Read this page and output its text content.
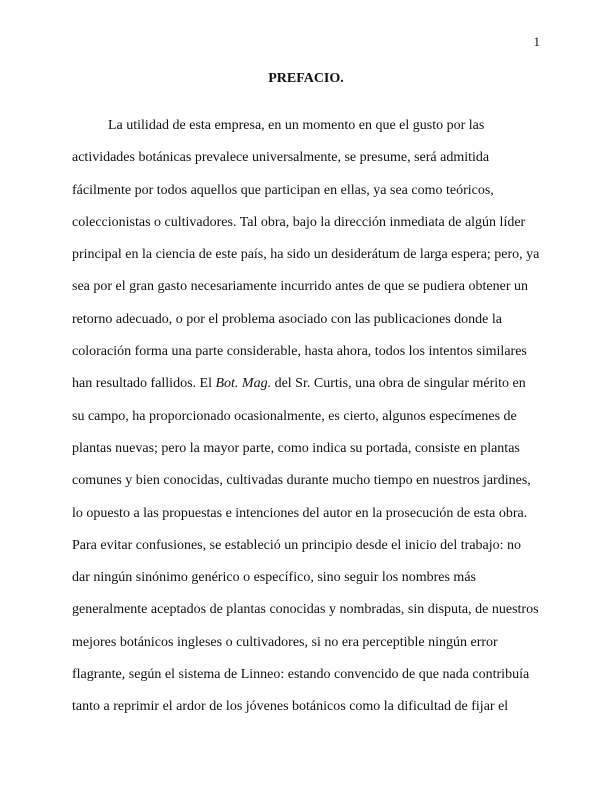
1
PREFACIO.
La utilidad de esta empresa, en un momento en que el gusto por las
actividades botánicas prevalece universalmente, se presume, será admitida
fácilmente por todos aquellos que participan en ellas, ya sea como teóricos,
coleccionistas o cultivadores. Tal obra, bajo la dirección inmediata de algún líder
principal en la ciencia de este país, ha sido un desiderátum de larga espera; pero, ya
sea por el gran gasto necesariamente incurrido antes de que se pudiera obtener un
retorno adecuado, o por el problema asociado con las publicaciones donde la
coloración forma una parte considerable, hasta ahora, todos los intentos similares
han resultado fallidos. El Bot. Mag. del Sr. Curtis, una obra de singular mérito en
su campo, ha proporcionado ocasionalmente, es cierto, algunos especímenes de
plantas nuevas; pero la mayor parte, como indica su portada, consiste en plantas
comunes y bien conocidas, cultivadas durante mucho tiempo en nuestros jardines,
lo opuesto a las propuestas e intenciones del autor en la prosecución de esta obra.
Para evitar confusiones, se estableció un principio desde el inicio del trabajo: no
dar ningún sinónimo genérico o específico, sino seguir los nombres más
generalmente aceptados de plantas conocidas y nombradas, sin disputa, de nuestros
mejores botánicos ingleses o cultivadores, si no era perceptible ningún error
flagrante, según el sistema de Linneo: estando convencido de que nada contribuía
tanto a reprimir el ardor de los jóvenes botánicos como la dificultad de fijar el
